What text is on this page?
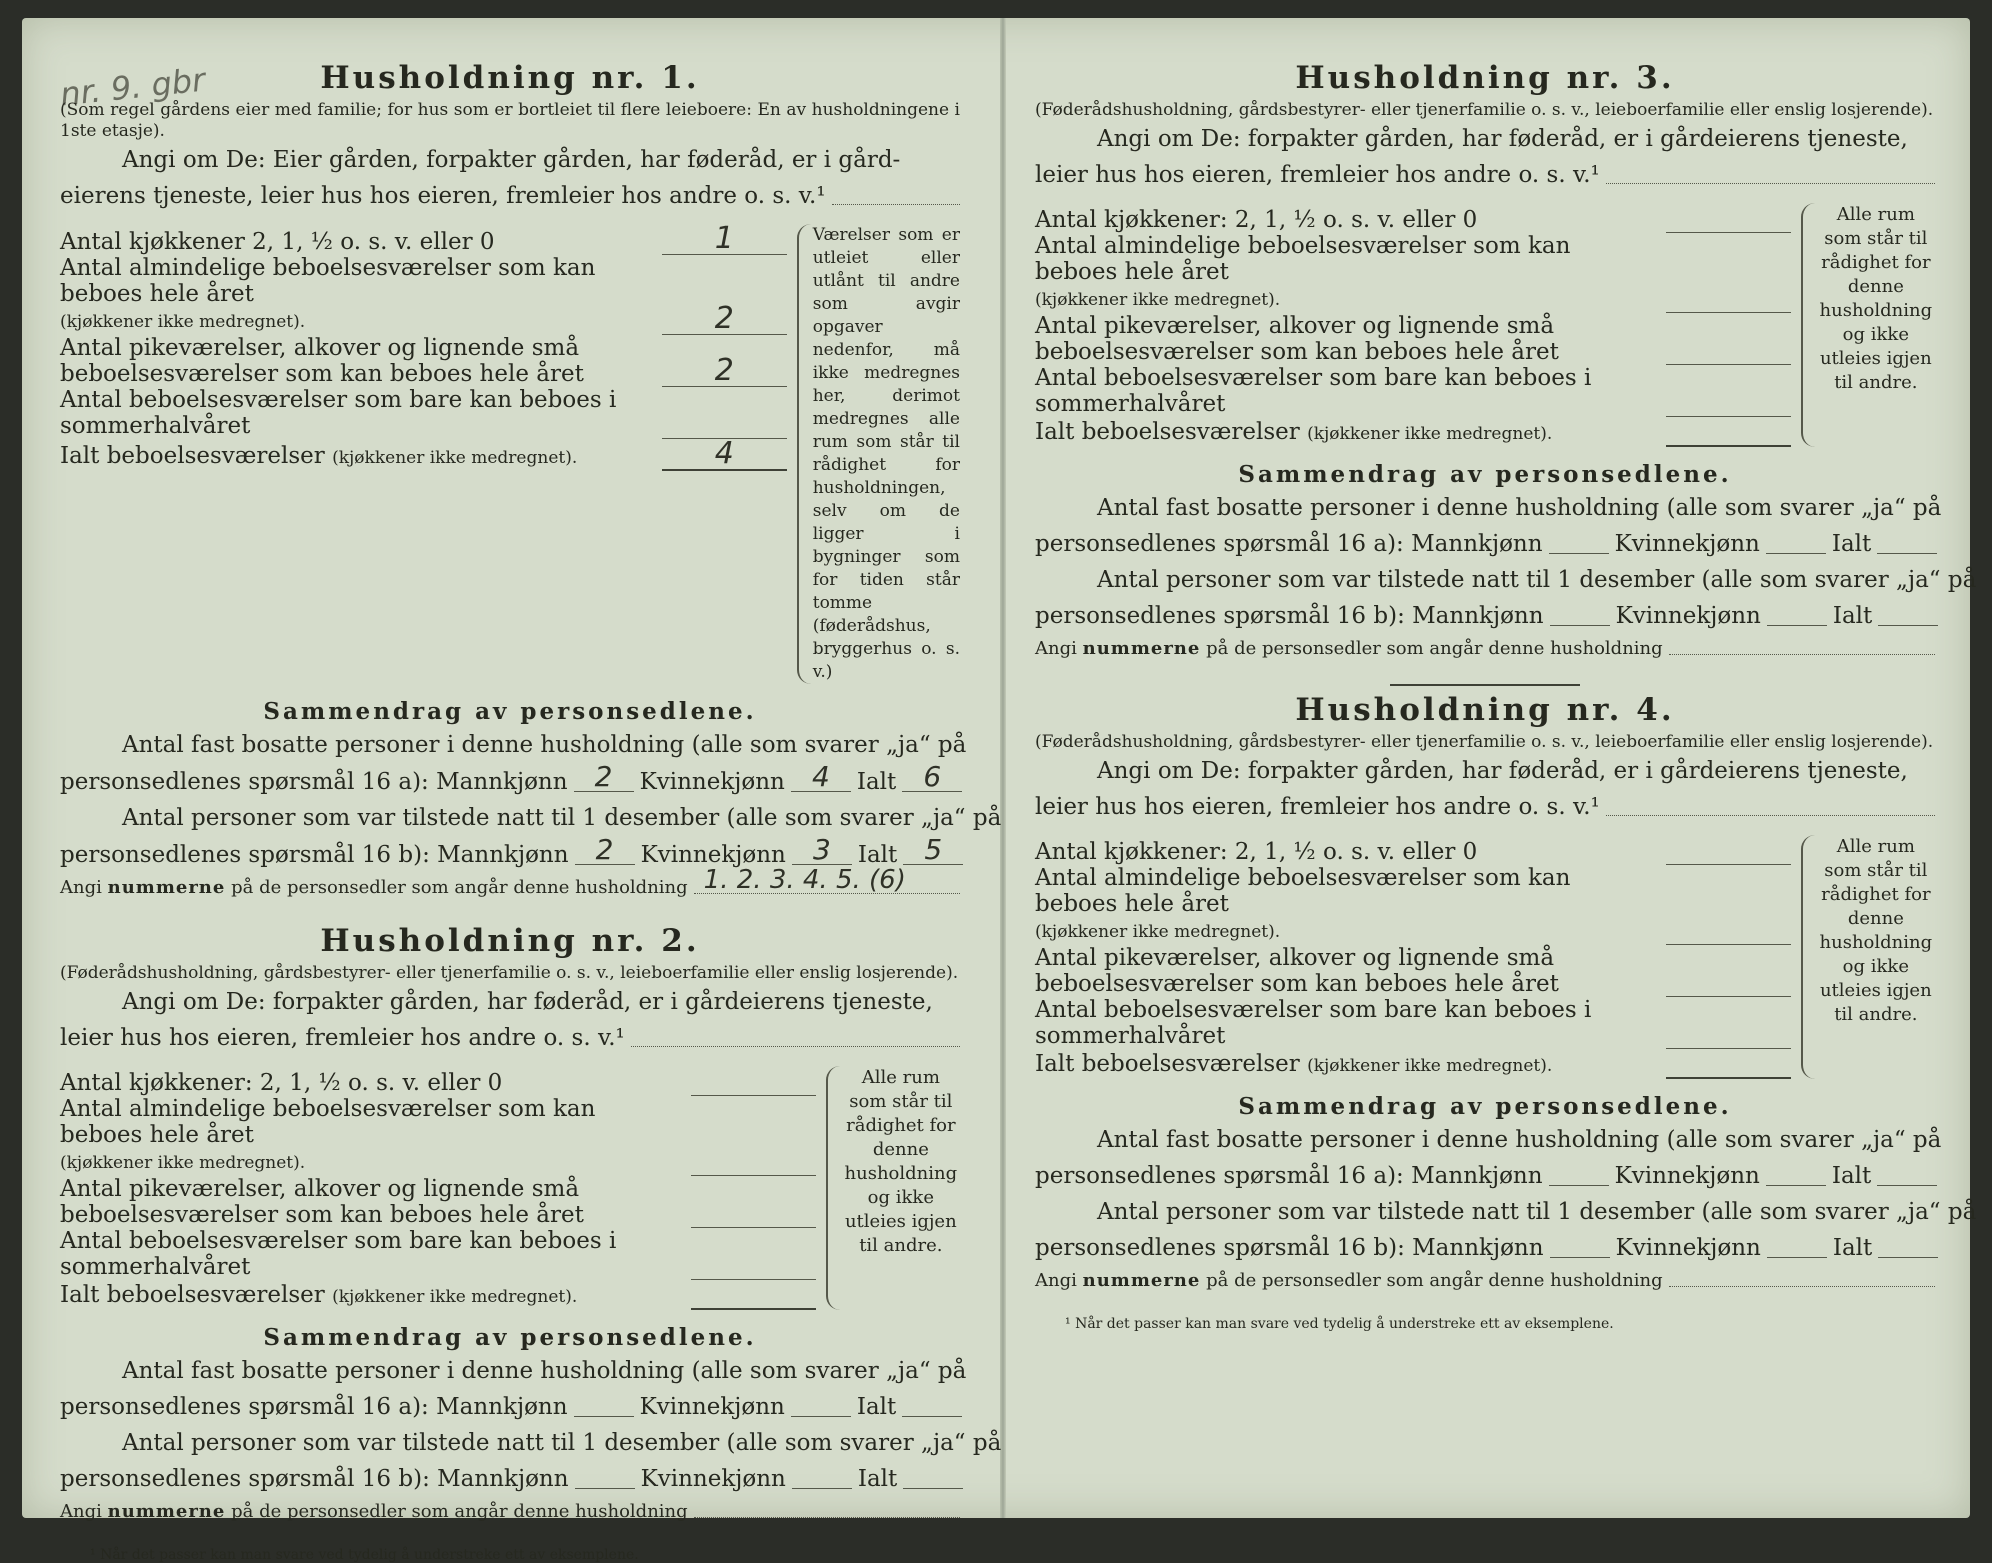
nr. 9. gbr	Husholdning nr. 1.

(Som regel gårdens eier med familie; for hus som er bortleiet til flere leieboere: En av husholdningene i 1ste etasje).

Angi om De: Eier gården, forpakter gården, har føderåd, er i gård-
eierens tjeneste, leier hus hos eieren, fremleier hos andre o. s. v.¹
Antal kjøkkener 2, 1, ½ o. s. v. eller 0	1
Antal almindelige beboelsesværelser som kan beboes hele året
(kjøkkener ikke medregnet).	2
Antal pikeværelser, alkover og lignende små beboelsesværelser som kan beboes hele året	2
Antal beboelsesværelser som bare kan beboes i sommerhalvåret
Ialt beboelsesværelser (kjøkkener ikke medregnet).	4
Værelser som er utleiet eller utlånt til andre som avgir opgaver nedenfor, må ikke medregnes her, derimot medregnes alle rum som står til rådighet for husholdningen, selv om de ligger i bygninger som for tiden står tomme (føderådshus, bryggerhus o. s. v.)
Sammendrag av personsedlene.
Antal fast bosatte personer i denne husholdning (alle som svarer „ja“ på
personsedlenes spørsmål 16 a): Mannkjønn 2	Kvinnekjønn 4	Ialt 6
Antal personer som var tilstede natt til 1 desember (alle som svarer „ja“ på
personsedlenes spørsmål 16 b): Mannkjønn 2	Kvinnekjønn 3	Ialt 5
Angi
nummerne
på de personsedler som angår denne husholdning 1. 2. 3. 4. 5. (6)
Husholdning nr. 2.

(Føderådshusholdning, gårdsbestyrer- eller tjenerfamilie o. s. v., leieboerfamilie eller enslig losjerende).

Angi om De: forpakter gården, har føderåd, er i gårdeierens tjeneste,
leier hus hos eieren, fremleier hos andre o. s. v.¹
Antal kjøkkener: 2, 1, ½ o. s. v. eller 0
Antal almindelige beboelsesværelser som kan beboes hele året
(kjøkkener ikke medregnet).
Antal pikeværelser, alkover og lignende små beboelsesværelser som kan beboes hele året
Antal beboelsesværelser som bare kan beboes i sommerhalvåret
Ialt beboelsesværelser (kjøkkener ikke medregnet).
Alle rum som står til rådighet for denne husholdning og ikke utleies igjen til andre.
Sammendrag av personsedlene.
Antal fast bosatte personer i denne husholdning (alle som svarer „ja“ på
personsedlenes spørsmål 16 a): Mannkjønn	Kvinnekjønn	Ialt
Antal personer som var tilstede natt til 1 desember (alle som svarer „ja“ på
personsedlenes spørsmål 16 b): Mannkjønn	Kvinnekjønn	Ialt
Angi
nummerne
på de personsedler som angår denne husholdning
¹ Når det passer kan man svare ved tydelig å understreke ett av eksemplene.
Husholdning nr. 3.

(Føderådshusholdning, gårdsbestyrer- eller tjenerfamilie o. s. v., leieboerfamilie eller enslig losjerende).

Angi om De: forpakter gården, har føderåd, er i gårdeierens tjeneste,
leier hus hos eieren, fremleier hos andre o. s. v.¹
Antal kjøkkener: 2, 1, ½ o. s. v. eller 0
Antal almindelige beboelsesværelser som kan beboes hele året
(kjøkkener ikke medregnet).
Antal pikeværelser, alkover og lignende små beboelsesværelser som kan beboes hele året
Antal beboelsesværelser som bare kan beboes i sommerhalvåret
Ialt beboelsesværelser (kjøkkener ikke medregnet).
Alle rum som står til rådighet for denne husholdning og ikke utleies igjen til andre.
Sammendrag av personsedlene.
Antal fast bosatte personer i denne husholdning (alle som svarer „ja“ på
personsedlenes spørsmål 16 a): Mannkjønn	Kvinnekjønn	Ialt
Antal personer som var tilstede natt til 1 desember (alle som svarer „ja“ på
personsedlenes spørsmål 16 b): Mannkjønn	Kvinnekjønn	Ialt
Angi
nummerne
på de personsedler som angår denne husholdning
Husholdning nr. 4.

(Føderådshusholdning, gårdsbestyrer- eller tjenerfamilie o. s. v., leieboerfamilie eller enslig losjerende).

Angi om De: forpakter gården, har føderåd, er i gårdeierens tjeneste,
leier hus hos eieren, fremleier hos andre o. s. v.¹
Antal kjøkkener: 2, 1, ½ o. s. v. eller 0
Antal almindelige beboelsesværelser som kan beboes hele året
(kjøkkener ikke medregnet).
Antal pikeværelser, alkover og lignende små beboelsesværelser som kan beboes hele året
Antal beboelsesværelser som bare kan beboes i sommerhalvåret
Ialt beboelsesværelser (kjøkkener ikke medregnet).
Alle rum som står til rådighet for denne husholdning og ikke utleies igjen til andre.
Sammendrag av personsedlene.
Antal fast bosatte personer i denne husholdning (alle som svarer „ja“ på
personsedlenes spørsmål 16 a): Mannkjønn	Kvinnekjønn	Ialt
Antal personer som var tilstede natt til 1 desember (alle som svarer „ja“ på
personsedlenes spørsmål 16 b): Mannkjønn	Kvinnekjønn	Ialt
Angi
nummerne
på de personsedler som angår denne husholdning
¹ Når det passer kan man svare ved tydelig å understreke ett av eksemplene.
